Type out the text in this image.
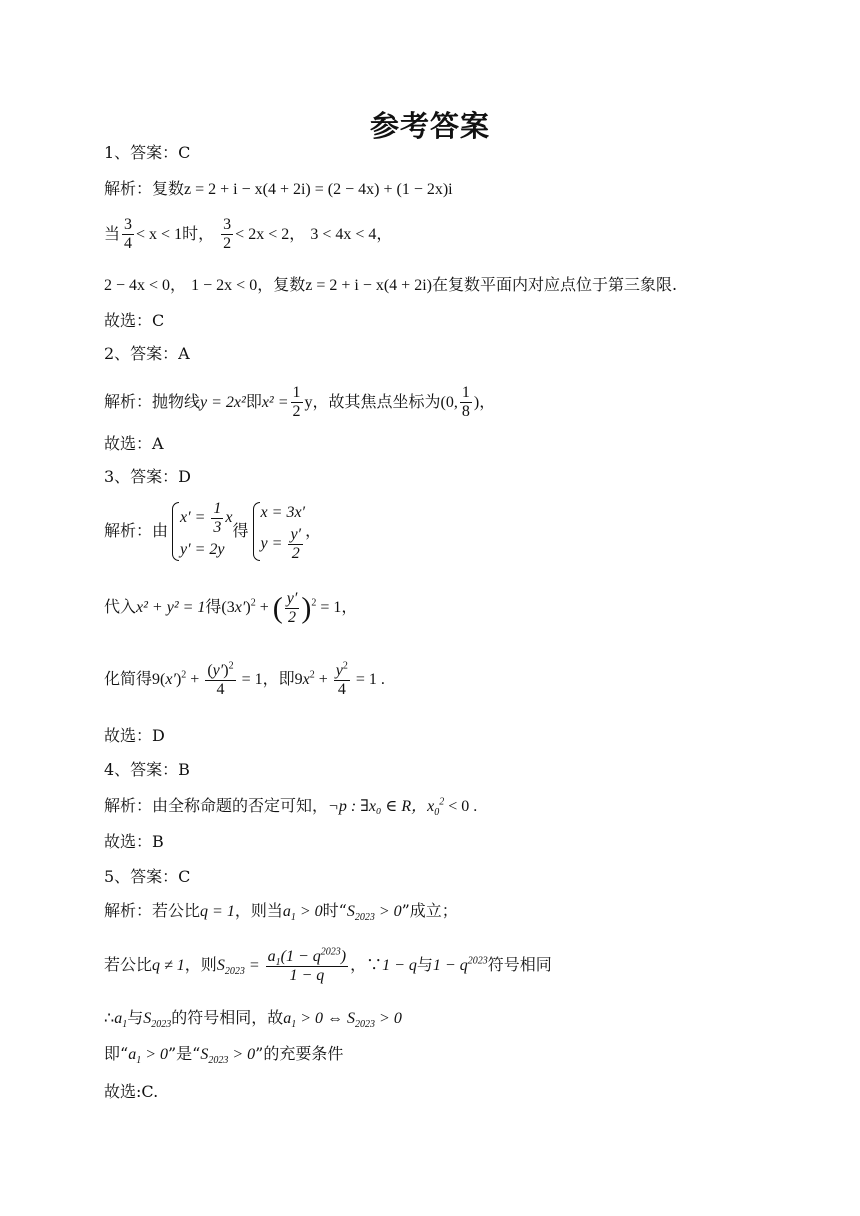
参考答案
1、答案：C
解析：复数z = 2 + i − x(4 + 2i) = (2 − 4x) + (1 − 2x)i
当 $\frac{3}{4} < x < 1$时， $\frac{3}{2} < 2x < 2$， 3 < 4x < 4，
2 − 4x < 0， 1 − 2x < 0，复数z = 2 + i − x(4 + 2i)在复数平面内对应点位于第三象限.
故选：C
2、答案：A
解析：抛物线y = 2x²即$x^2 = \frac{1}{2}$ y，故其焦点坐标为(0, $\frac{1}{8}$ )，
故选：A
3、答案：D
解析：由
$x' = \frac{1}{3}$ x
y′ = 2y
得
x = 3x′
$y = \frac{y'}{2}$ ，
代入x² + y² = 1得$(3x')^2$ + ( $\frac{y'}{2} )^2 = 1$，
化简得$9(x')^2 + \frac{(y')^2}{4} = 1$，即$9x^2 + \frac{y^2}{4} = 1$ .
故选：D
4、答案：B
解析：由全称命题的否定可知，¬p : ∃x₀ ∈ R，$x_0^2 < 0$ .
故选：B
5、答案：C
解析：若公比q = 1，则当$a_1 > 0$时“$S_{2023} > 0$”成立；
若公比q ≠ 1，则$S_{2023} = \frac{a_1(1 - q^{2023})}{1 - q}$ ，∵1 − q与$1 - q^{2023}$符号相同
$\therefore a_1$与$S_{2023}$的符号相同，故$a_1 > 0$ ⇔ $S_{2023} > 0$
即“$a_1 > 0$”是“$S_{2023} > 0$”的充要条件
故选:C.
